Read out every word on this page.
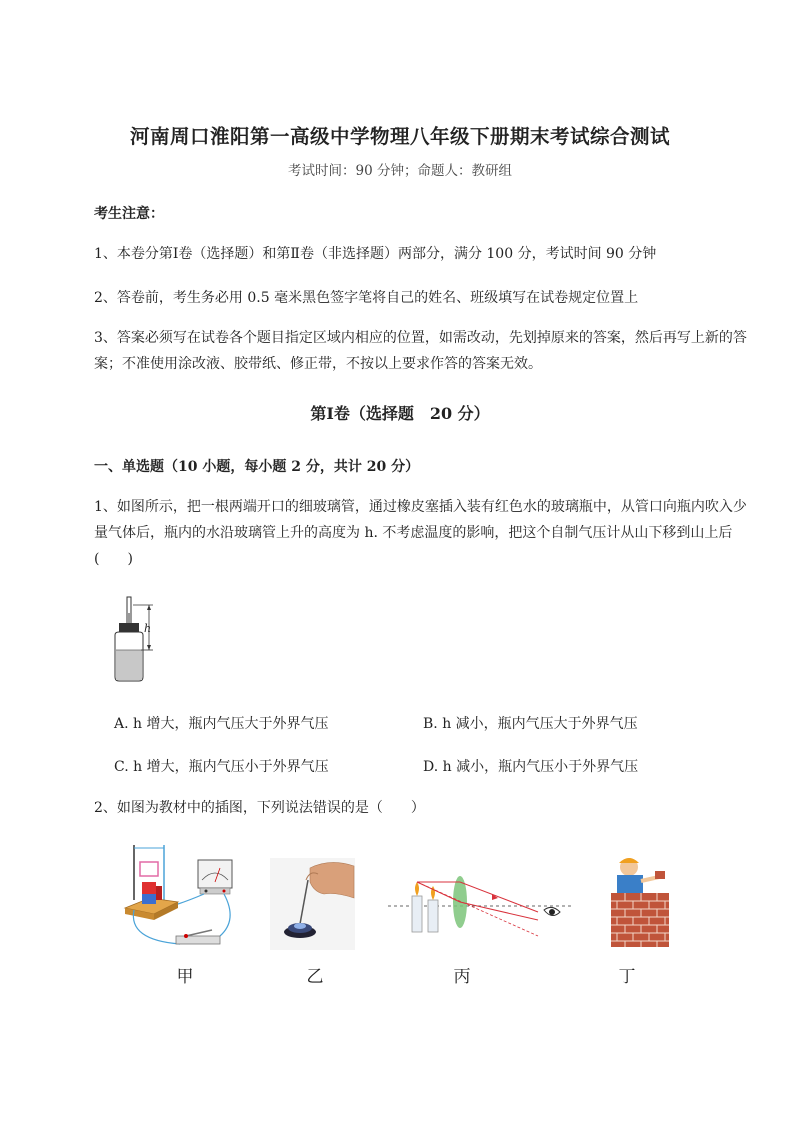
河南周口淮阳第一高级中学物理八年级下册期末考试综合测试
考试时间：90 分钟；命题人：教研组
考生注意：
1、本卷分第Ⅰ卷（选择题）和第Ⅱ卷（非选择题）两部分，满分 100 分，考试时间 90 分钟
2、答卷前，考生务必用 0.5 毫米黑色签字笔将自己的姓名、班级填写在试卷规定位置上
3、答案必须写在试卷各个题目指定区域内相应的位置，如需改动，先划掉原来的答案，然后再写上新的答案；不准使用涂改液、胶带纸、修正带，不按以上要求作答的答案无效。
第Ⅰ卷（选择题　20 分）
一、单选题（10 小题，每小题 2 分，共计 20 分）
1、如图所示，把一根两端开口的细玻璃管，通过橡皮塞插入装有红色水的玻璃瓶中，从管口向瓶内吹入少量气体后，瓶内的水沿玻璃管上升的高度为 h. 不考虑温度的影响，把这个自制气压计从山下移到山上后(　　)
h
A. h 增大，瓶内气压大于外界气压	B. h 减小，瓶内气压大于外界气压
C. h 增大，瓶内气压小于外界气压	D. h 减小，瓶内气压小于外界气压
2、如图为教材中的插图，下列说法错误的是（　　）
甲	乙	丙	丁
